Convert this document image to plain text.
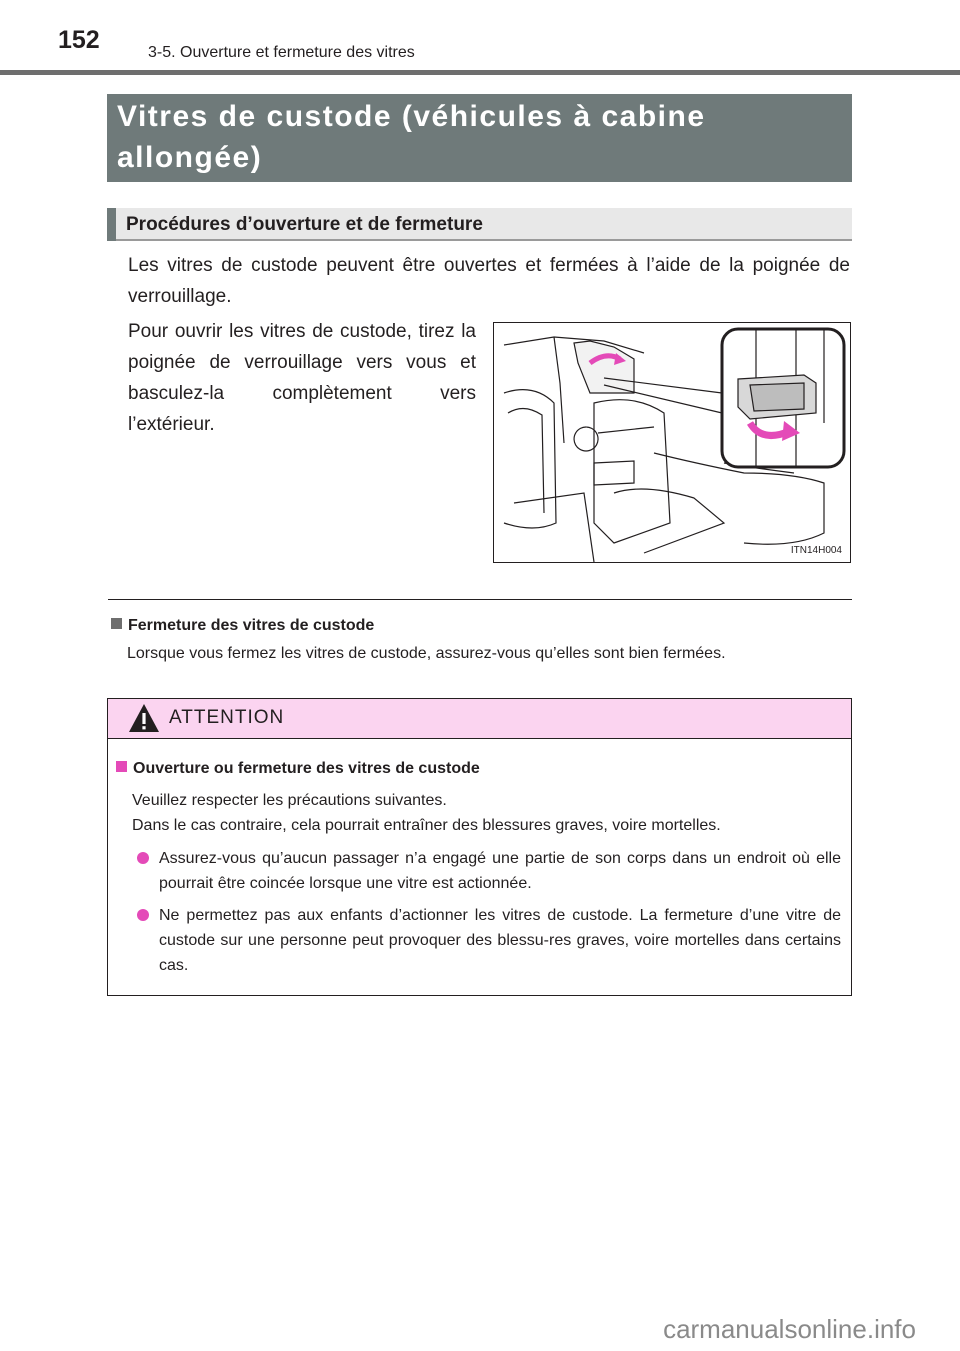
152	3-5. Ouverture et fermeture des vitres
Vitres de custode (véhicules à cabine allongée)
Procédures d’ouverture et de fermeture
Les vitres de custode peuvent être ouvertes et fermées à l’aide de la poignée de verrouillage.
Pour ouvrir les vitres de custode, tirez la poignée de verrouillage vers vous et basculez-la complètement vers l’extérieur.
ITN14H004
Fermeture des vitres de custode
Lorsque vous fermez les vitres de custode, assurez-vous qu’elles sont bien fermées.
ATTENTION
Ouverture ou fermeture des vitres de custode
Veuillez respecter les précautions suivantes.
Dans le cas contraire, cela pourrait entraîner des blessures graves, voire mortelles.
Assurez-vous qu’aucun passager n’a engagé une partie de son corps dans un endroit où elle pourrait être coincée lorsque une vitre est actionnée.
Ne permettez pas aux enfants d’actionner les vitres de custode. La fermeture d’une vitre de custode sur une personne peut provoquer des blessu-res graves, voire mortelles dans certains cas.
carmanualsonline.info
